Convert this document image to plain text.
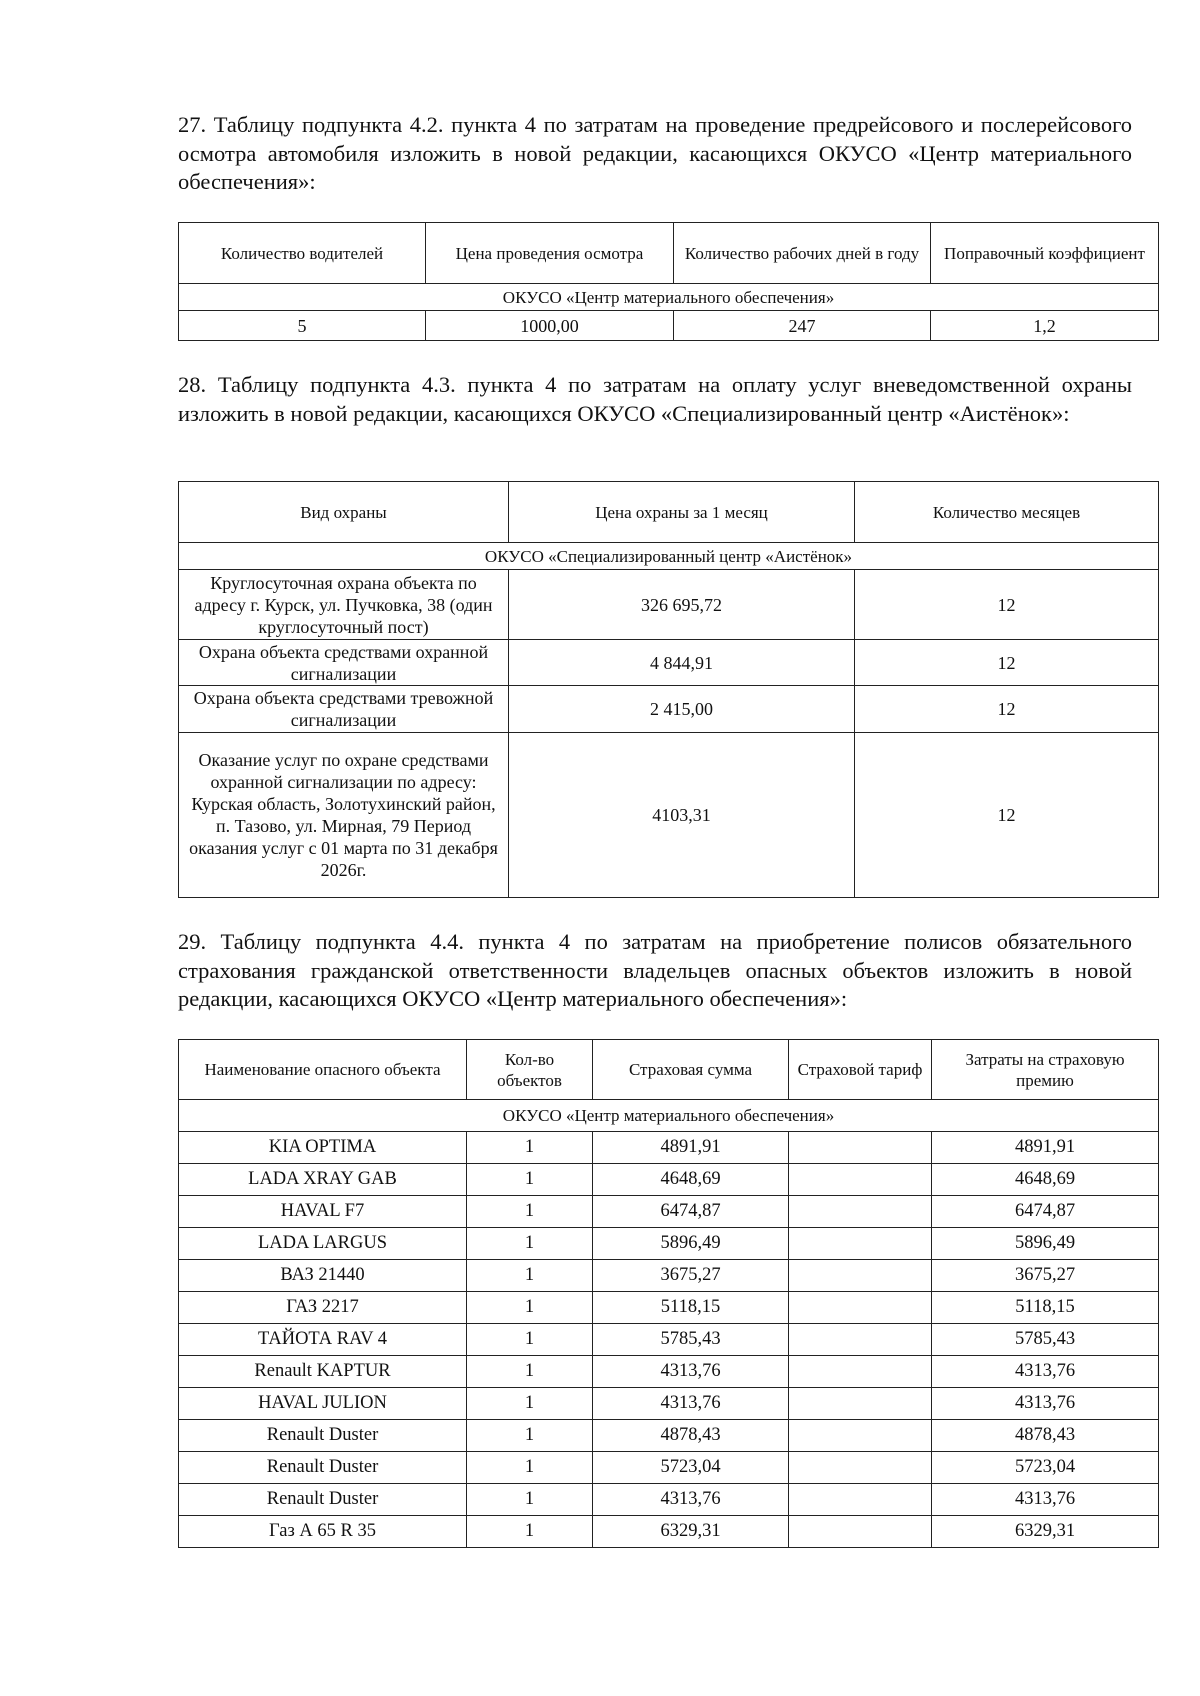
27. Таблицу подпункта 4.2. пункта 4 по затратам на проведение предрейсового и послерейсового осмотра автомобиля изложить в новой редакции, касающихся ОКУСО «Центр материального обеспечения»:
Количество водителей	Цена проведения осмотра	Количество рабочих дней в году	Поправочный коэффициент
ОКУСО «Центр материального обеспечения»			
5	1000,00	247	1,2
28. Таблицу подпункта 4.3. пункта 4 по затратам на оплату услуг вневедомственной охраны изложить в новой редакции, касающихся ОКУСО «Специализированный центр «Аистёнок»:
Вид охраны	Цена охраны за 1 месяц	Количество месяцев
ОКУСО «Специализированный центр «Аистёнок»		
Круглосуточная охрана объекта по адресу г. Курск, ул. Пучковка, 38 (один круглосуточный пост)	326 695,72	12
Охрана объекта средствами охранной сигнализации	4 844,91	12
Охрана объекта средствами тревожной сигнализации	2 415,00	12
Оказание услуг по охране средствами охранной сигнализации по адресу: Курская область, Золотухинский район, п. Тазово, ул. Мирная, 79 Период оказания услуг с 01 марта по 31 декабря 2026г.	4103,31	12
29. Таблицу подпункта 4.4. пункта 4 по затратам на приобретение полисов обязательного страхования гражданской ответственности владельцев опасных объектов изложить в новой редакции, касающихся ОКУСО «Центр материального обеспечения»:
Наименование опасного объекта	Кол-во объектов	Страховая сумма	Страховой тариф	Затраты на страховую премию
ОКУСО «Центр материального обеспечения»				
KIA OPTIMA	1	4891,91		4891,91
LADA XRAY GAB	1	4648,69		4648,69
HAVAL F7	1	6474,87		6474,87
LADA LARGUS	1	5896,49		5896,49
ВАЗ 21440	1	3675,27		3675,27
ГАЗ 2217	1	5118,15		5118,15
ТАЙОТА RAV 4	1	5785,43		5785,43
Renault KAPTUR	1	4313,76		4313,76
HAVAL JULION	1	4313,76		4313,76
Renault Duster	1	4878,43		4878,43
Renault Duster	1	5723,04		5723,04
Renault Duster	1	4313,76		4313,76
Газ А 65 R 35	1	6329,31		6329,31
